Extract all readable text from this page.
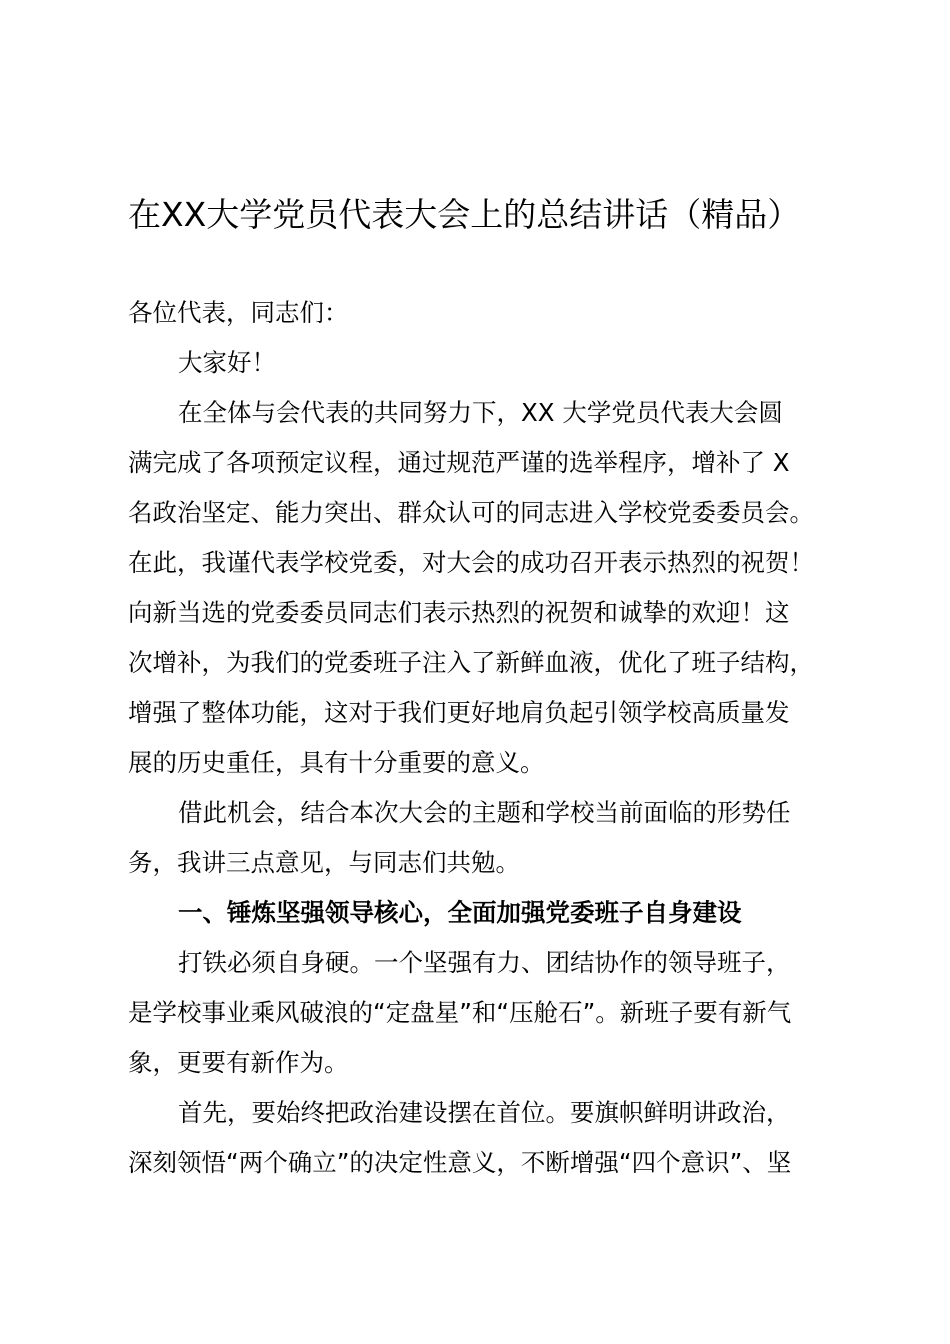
在XX大学党员代表大会上的总结讲话（精品）
各位代表，同志们：
大家好！
在全体与会代表的共同努力下，XX 大学党员代表大会圆
满完成了各项预定议程，通过规范严谨的选举程序，增补了 X
名政治坚定、能力突出、群众认可的同志进入学校党委委员会。
在此，我谨代表学校党委，对大会的成功召开表示热烈的祝贺！
向新当选的党委委员同志们表示热烈的祝贺和诚挚的欢迎！这
次增补，为我们的党委班子注入了新鲜血液，优化了班子结构，
增强了整体功能，这对于我们更好地肩负起引领学校高质量发
展的历史重任，具有十分重要的意义。
借此机会，结合本次大会的主题和学校当前面临的形势任
务，我讲三点意见，与同志们共勉。
一、锤炼坚强领导核心，全面加强党委班子自身建设
打铁必须自身硬。一个坚强有力、团结协作的领导班子，
是学校事业乘风破浪的“定盘星”和“压舱石”。新班子要有新气
象，更要有新作为。
首先，要始终把政治建设摆在首位。要旗帜鲜明讲政治，
深刻领悟“两个确立”的决定性意义，不断增强“四个意识”、坚
